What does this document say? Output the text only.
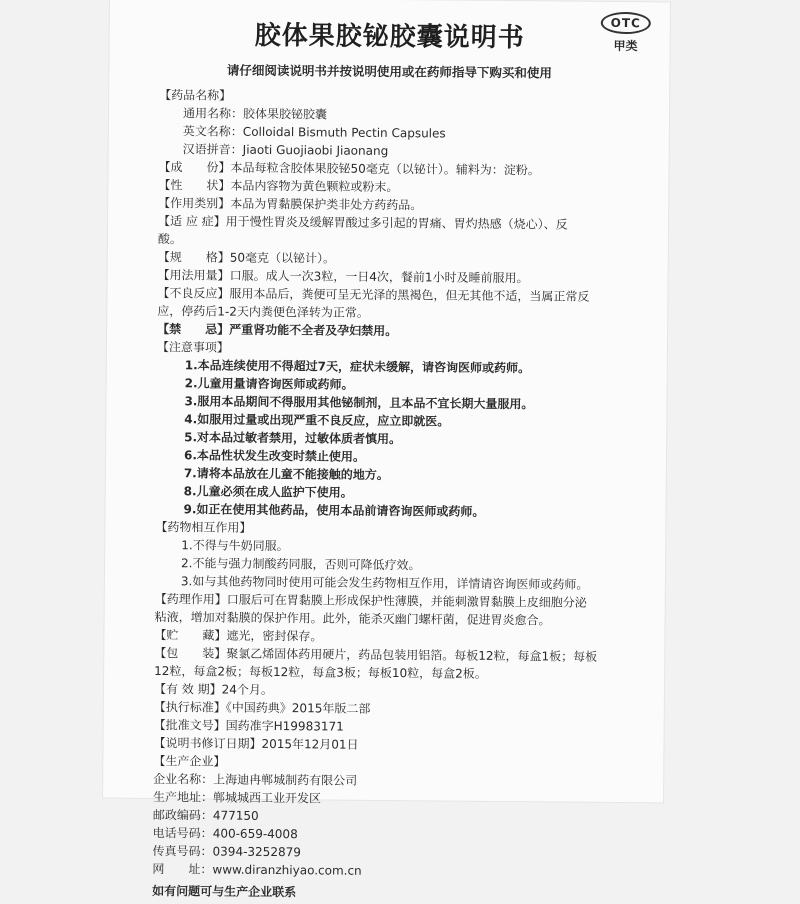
胶体果胶铋胶囊说明书	OTC
甲类
请仔细阅读说明书并按说明使用或在药师指导下购买和使用
【药品名称】
通用名称：胶体果胶铋胶囊
英文名称：Colloidal Bismuth Pectin Capsules
汉语拼音：Jiaoti Guojiaobi Jiaonang
【成　　份】本品每粒含胶体果胶铋50毫克（以铋计）。辅料为：淀粉。
【性　　状】本品内容物为黄色颗粒或粉末。
【作用类别】本品为胃黏膜保护类非处方药药品。
【适 应 症】用于慢性胃炎及缓解胃酸过多引起的胃痛、胃灼热感（烧心）、反
酸。
【规　　格】50毫克（以铋计）。
【用法用量】口服。成人一次3粒，一日4次，餐前1小时及睡前服用。
【不良反应】服用本品后，粪便可呈无光泽的黑褐色，但无其他不适，当属正常反
应，停药后1-2天内粪便色泽转为正常。
【禁　　忌】严重肾功能不全者及孕妇禁用。
【注意事项】
1.本品连续使用不得超过7天，症状未缓解，请咨询医师或药师。
2.儿童用量请咨询医师或药师。
3.服用本品期间不得服用其他铋制剂，且本品不宜长期大量服用。
4.如服用过量或出现严重不良反应，应立即就医。
5.对本品过敏者禁用，过敏体质者慎用。
6.本品性状发生改变时禁止使用。
7.请将本品放在儿童不能接触的地方。
8.儿童必须在成人监护下使用。
9.如正在使用其他药品，使用本品前请咨询医师或药师。
【药物相互作用】
1.不得与牛奶同服。
2.不能与强力制酸药同服，否则可降低疗效。
3.如与其他药物同时使用可能会发生药物相互作用，详情请咨询医师或药师。
【药理作用】口服后可在胃黏膜上形成保护性薄膜，并能刺激胃黏膜上皮细胞分泌
粘液，增加对黏膜的保护作用。此外，能杀灭幽门螺杆菌，促进胃炎愈合。
【贮　　藏】遮光，密封保存。
【包　　装】聚氯乙烯固体药用硬片，药品包装用铝箔。每板12粒，每盒1板；每板
12粒，每盒2板；每板12粒，每盒3板；每板10粒，每盒2板。
【有 效 期】24个月。
【执行标准】《中国药典》2015年版二部
【批准文号】国药准字H19983171
【说明书修订日期】2015年12月01日
【生产企业】
企业名称：上海迪冉郸城制药有限公司
生产地址：郸城城西工业开发区
邮政编码：477150
电话号码：400-659-4008
传真号码：0394-3252879
网　　址：www.diranzhiyao.com.cn
如有问题可与生产企业联系
